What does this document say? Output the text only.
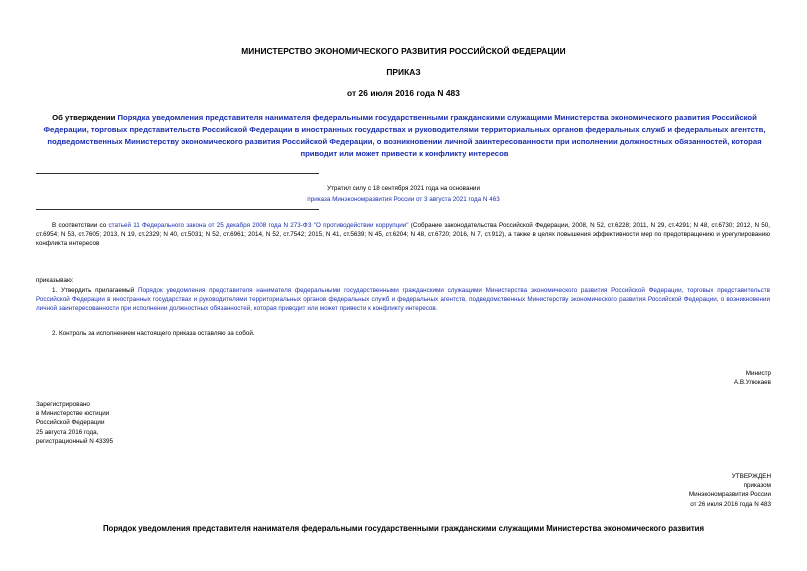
МИНИСТЕРСТВО ЭКОНОМИЧЕСКОГО РАЗВИТИЯ РОССИЙСКОЙ ФЕДЕРАЦИИ
ПРИКАЗ
от 26 июля 2016 года N 483
Об утверждении Порядка уведомления представителя нанимателя федеральными государственными гражданскими служащими Министерства экономического развития Российской Федерации, торговых представительств Российской Федерации в иностранных государствах и руководителями территориальных органов федеральных служб и федеральных агентств, подведомственных Министерству экономического развития Российской Федерации, о возникновении личной заинтересованности при исполнении должностных обязанностей, которая приводит или может привести к конфликту интересов
Утратил силу с 18 сентября 2021 года на основании
приказа Минэкономразвития России от 3 августа 2021 года N 463
В соответствии со статьей 11 Федерального закона от 25 декабря 2008 года N 273-ФЗ "О противодействии коррупции" (Собрание законодательства Российской Федерации, 2008, N 52, ст.6228; 2011, N 29, ст.4291; N 48, ст.6730; 2012, N 50, ст.6954; N 53, ст.7605; 2013, N 19, ст.2329; N 40, ст.5031; N 52, ст.6961; 2014, N 52, ст.7542; 2015, N 41, ст.5639; N 45, ст.6204; N 48, ст.6720; 2016, N 7, ст.912), а также в целях повышения эффективности мер по предотвращению и урегулированию конфликта интересов
приказываю:
1. Утвердить прилагаемый Порядок уведомления представителя нанимателя федеральными государственными гражданскими служащими Министерства экономического развития Российской Федерации, торговых представительств Российской Федерации в иностранных государствах и руководителями территориальных органов федеральных служб и федеральных агентств, подведомственных Министерству экономического развития Российской Федерации, о возникновении личной заинтересованности при исполнении должностных обязанностей, которая приводит или может привести к конфликту интересов.
2. Контроль за исполнением настоящего приказа оставляю за собой.
Министр
А.В.Улюкаев
Зарегистрировано
в Министерстве юстиции
Российской Федерации
25 августа 2016 года,
регистрационный N 43395
УТВЕРЖДЕН
приказом
Минэкономразвития России
от 26 июля 2016 года N 483
Порядок уведомления представителя нанимателя федеральными государственными гражданскими служащими Министерства экономического развития
